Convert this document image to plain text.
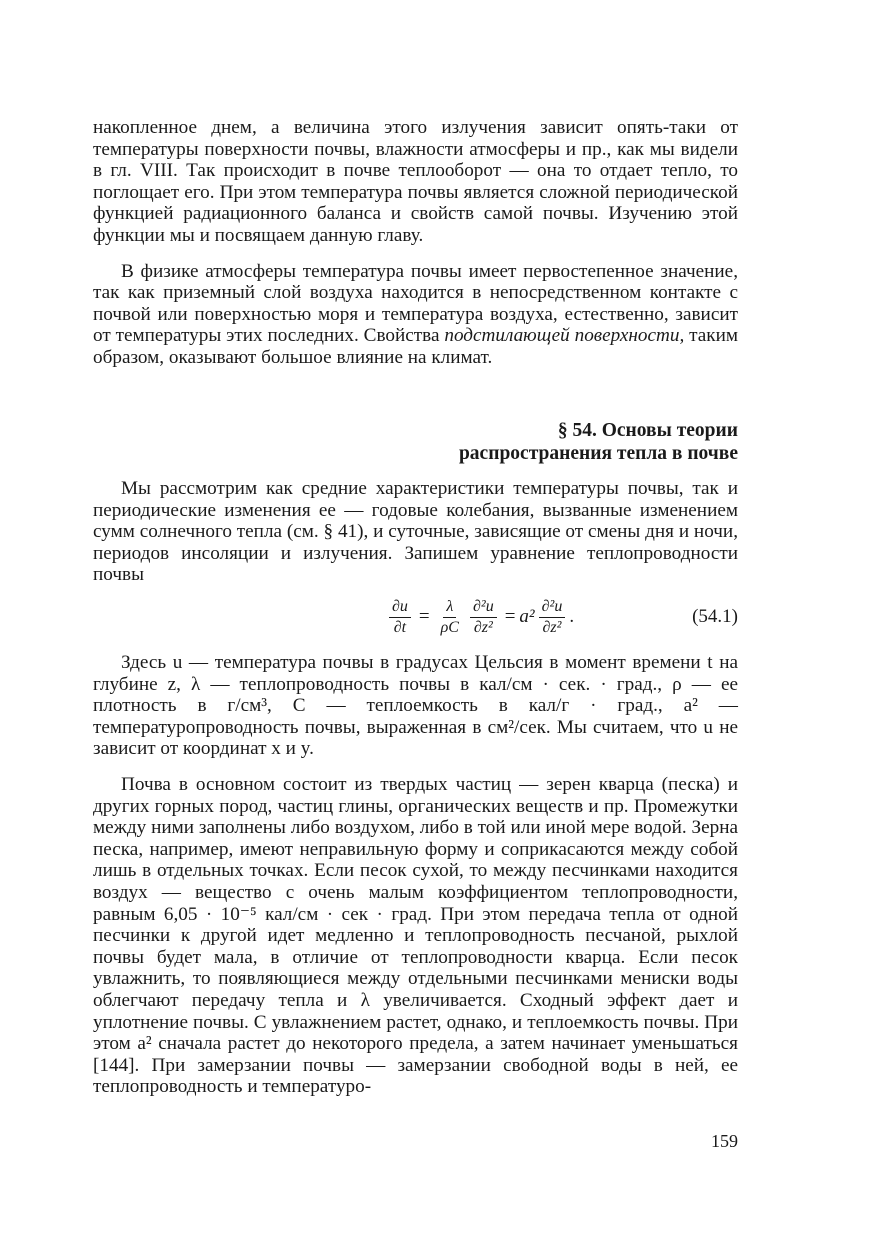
накопленное днем, а величина этого излучения зависит опять-таки от температуры поверхности почвы, влажности атмосферы и пр., как мы видели в гл. VIII. Так происходит в почве теплооборот — она то отдает тепло, то поглощает его. При этом температура почвы является сложной периодической функцией радиационного баланса и свойств самой почвы. Изучению этой функции мы и посвящаем данную главу.

В физике атмосферы температура почвы имеет первостепенное значение, так как приземный слой воздуха находится в непосредственном контакте с почвой или поверхностью моря и температура воздуха, естественно, зависит от температуры этих последних. Свойства подстилающей поверхности, таким образом, оказывают большое влияние на климат.

§ 54. Основы теории
распространения тепла в почве

Мы рассмотрим как средние характеристики температуры почвы, так и периодические изменения ее — годовые колебания, вызванные изменением сумм солнечного тепла (см. § 41), и суточные, зависящие от смены дня и ночи, периодов инсоляции и излучения. Запишем уравнение теплопроводности почвы

$\frac{\partial u}{\partial t} = \frac{\lambda}{\rho C} \frac{\text{∂²u}}{\text{∂z²}} = a^2 \frac{\text{∂²u}}{\text{∂z²}}$ .	(54.1)

Здесь u — температура почвы в градусах Цельсия в момент времени t на глубине z, λ — теплопроводность почвы в кал/см · сек. · град., ρ — ее плотность в г/см³, C — теплоемкость в кал/г · град., a² — температуропроводность почвы, выраженная в см²/сек. Мы считаем, что u не зависит от координат x и y.

Почва в основном состоит из твердых частиц — зерен кварца (песка) и других горных пород, частиц глины, органических веществ и пр. Промежутки между ними заполнены либо воздухом, либо в той или иной мере водой. Зерна песка, например, имеют неправильную форму и соприкасаются между собой лишь в отдельных точках. Если песок сухой, то между песчинками находится воздух — вещество с очень малым коэффициентом теплопроводности, равным 6,05 · 10⁻⁵ кал/см · сек · град. При этом передача тепла от одной песчинки к другой идет медленно и теплопроводность песчаной, рыхлой почвы будет мала, в отличие от теплопроводности кварца. Если песок увлажнить, то появляющиеся между отдельными песчинками мениски воды облегчают передачу тепла и λ увеличивается. Сходный эффект дает и уплотнение почвы. С увлажнением растет, однако, и теплоемкость почвы. При этом a² сначала растет до некоторого предела, а затем начинает уменьшаться [144]. При замерзании почвы — замерзании свободной воды в ней, ее теплопроводность и температуро-

159
